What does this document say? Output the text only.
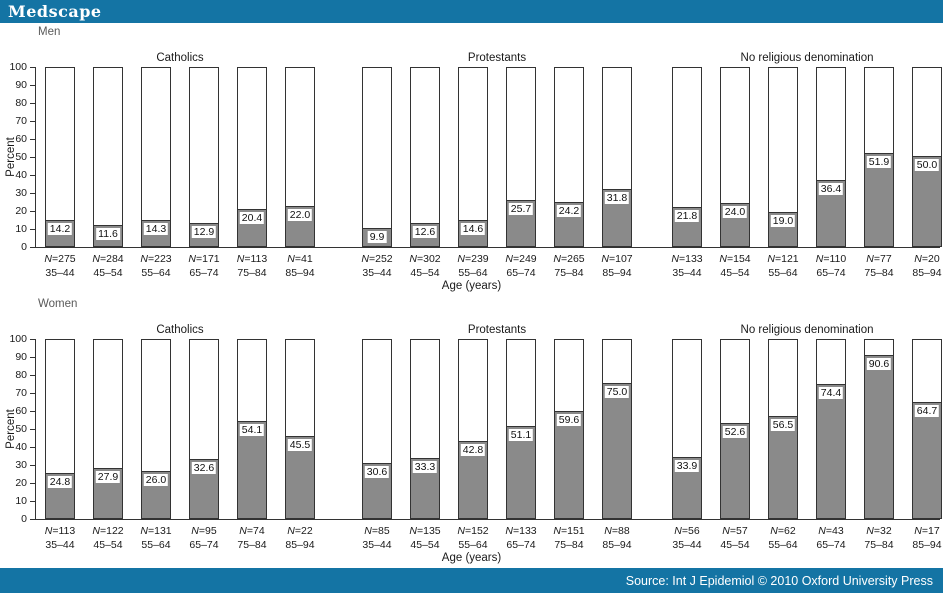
Medscape
Men
Catholics	Protestants	No religious denomination
Percent
0
10
20
30
40
50
60
70
80
90
100
14.2
N=275
35–44
11.6
N=284
45–54
14.3
N=223
55–64
12.9
N=171
65–74
20.4
N=113
75–84
22.0
N=41
85–94
9.9
N=252
35–44
12.6
N=302
45–54
14.6
N=239
55–64
25.7
N=249
65–74
24.2
N=265
75–84
31.8
N=107
85–94
21.8
N=133
35–44
24.0
N=154
45–54
19.0
N=121
55–64
36.4
N=110
65–74
51.9
N=77
75–84
50.0
N=20
85–94
Age (years)
Women
Catholics	Protestants	No religious denomination
Percent
0
10
20
30
40
50
60
70
80
90
100
24.8
N=113
35–44
27.9
N=122
45–54
26.0
N=131
55–64
32.6
N=95
65–74
54.1
N=74
75–84
45.5
N=22
85–94
30.6
N=85
35–44
33.3
N=135
45–54
42.8
N=152
55–64
51.1
N=133
65–74
59.6
N=151
75–84
75.0
N=88
85–94
33.9
N=56
35–44
52.6
N=57
45–54
56.5
N=62
55–64
74.4
N=43
65–74
90.6
N=32
75–84
64.7
N=17
85–94
Age (years)
Source: Int J Epidemiol © 2010 Oxford University Press
